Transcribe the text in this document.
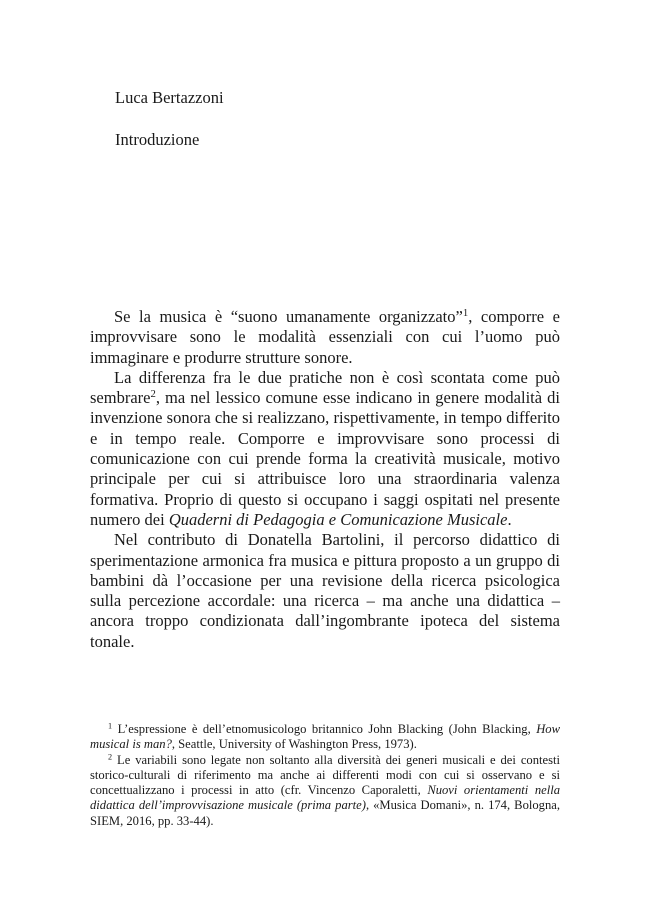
Luca Bertazzoni
Introduzione

Se la musica è “suono umanamente organizzato”$^1$, comporre e improvvisare sono le modalità essenziali con cui l’uomo può immaginare e produrre strutture sonore.

La differenza fra le due pratiche non è così scontata come può sembrare$^2$, ma nel lessico comune esse indicano in genere modalità di invenzione sonora che si realizzano, rispettivamente, in tempo differito e in tempo reale. Comporre e improvvisare sono processi di comunicazione con cui prende forma la creatività musicale, motivo principale per cui si attribuisce loro una straordinaria valenza formativa. Proprio di questo si occupano i saggi ospitati nel presente numero dei Quaderni di Pedagogia e Comunicazione Musicale.

Nel contributo di Donatella Bartolini, il percorso didattico di sperimentazione armonica fra musica e pittura proposto a un gruppo di bambini dà l’occasione per una revisione della ricerca psicologica sulla percezione accordale: una ricerca – ma anche una didattica – ancora troppo condizionata dall’ingombrante ipoteca del sistema tonale.

$^1$ L’espressione è dell’etnomusicologo britannico John Blacking (John Blacking, How musical is man?, Seattle, University of Washington Press, 1973).

$^2$ Le variabili sono legate non soltanto alla diversità dei generi musicali e dei contesti storico-culturali di riferimento ma anche ai differenti modi con cui si osservano e si concettualizzano i processi in atto (cfr. Vincenzo Caporaletti, Nuovi orientamenti nella didattica dell’improvvisazione musicale (prima parte), «Musica Domani», n. 174, Bologna, SIEM, 2016, pp. 33-44).
